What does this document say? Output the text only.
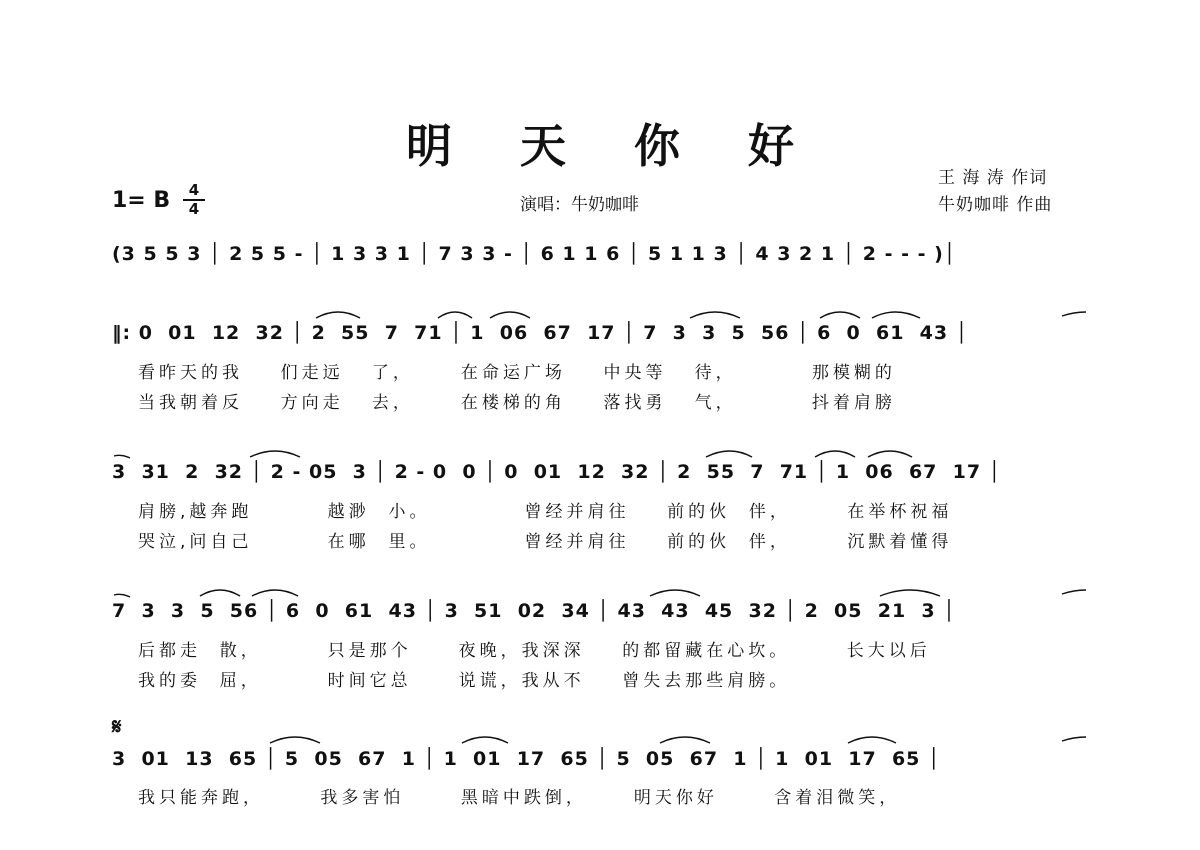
明 天 你 好
1= B	4
4	演唱：牛奶咖啡
王 海 涛 作词
牛奶咖啡 作曲
(3 5 5 3 │ 2 5 5 - │ 1 3 3 1 │ 7 3 3 - │ 6 1 1 6 │ 5 1 1 3 │ 4 3 2 1 │ 2 - - - )│
‖: 0  01  12  32 │ 2  55  7  71 │ 1  06  67  17 │ 7  3  3  5  56 │ 6  0  61  43 │
看昨天的我    们走远   了，     在命运广场    中央等   待，        那模糊的
当我朝着反    方向走   去，     在楼梯的角    落找勇   气，        抖着肩膀
3  31  2  32 │ 2 - 05  3 │ 2 - 0  0 │ 0  01  12  32 │ 2  55  7  71 │ 1  06  67  17 │
肩膀,越奔跑        越渺  小。          曾经并肩往    前的伙  伴，      在举杯祝福
哭泣,问自己        在哪  里。          曾经并肩往    前的伙  伴，      沉默着懂得
7  3  3  5  56 │ 6  0  61  43 │ 3  51  02  34 │ 43  43  45  32 │ 2  05  21  3 │
后都走  散，       只是那个     夜晚，我深深    的都留藏在心坎。      长大以后
我的委  屈，       时间它总     说谎，我从不    曾失去那些肩膀。
𝄋
3  01  13  65 │ 5  05  67  1 │ 1  01  17  65 │ 5  05  67  1 │ 1  01  17  65 │
我只能奔跑，      我多害怕      黑暗中跌倒，     明天你好      含着泪微笑，
